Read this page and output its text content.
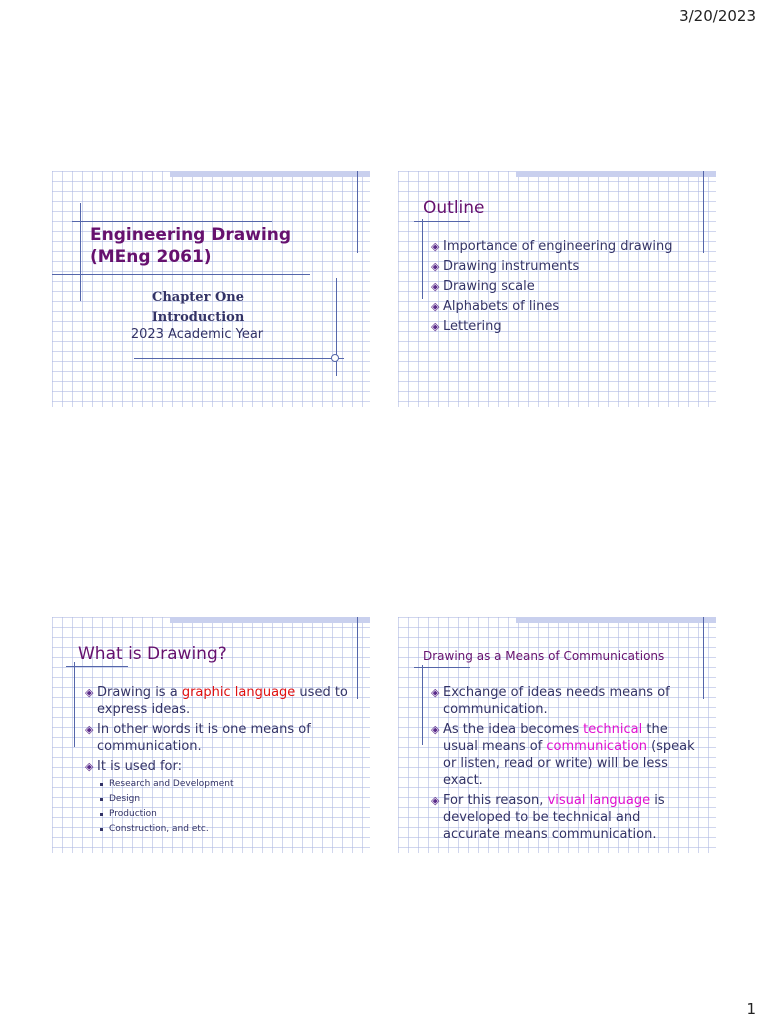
3/20/2023
Engineering Drawing
(MEng 2061)
Chapter One
Introduction
2023 Academic Year
Outline
◈ Importance of engineering drawing
◈ Drawing instruments
◈ Drawing scale
◈ Alphabets of lines
◈ Lettering
What is Drawing?
◈ Drawing is a graphic language used to express ideas.
◈ In other words it is one means of communication.
◈ It is used for:
Research and Development
Design
Production
Construction, and etc.
Drawing as a Means of Communications
◈ Exchange of ideas needs means of communication.
◈ As the idea becomes technical the usual means of communication (speak or listen, read or write) will be less exact.
◈ For this reason, visual language is developed to be technical and accurate means communication.
1
